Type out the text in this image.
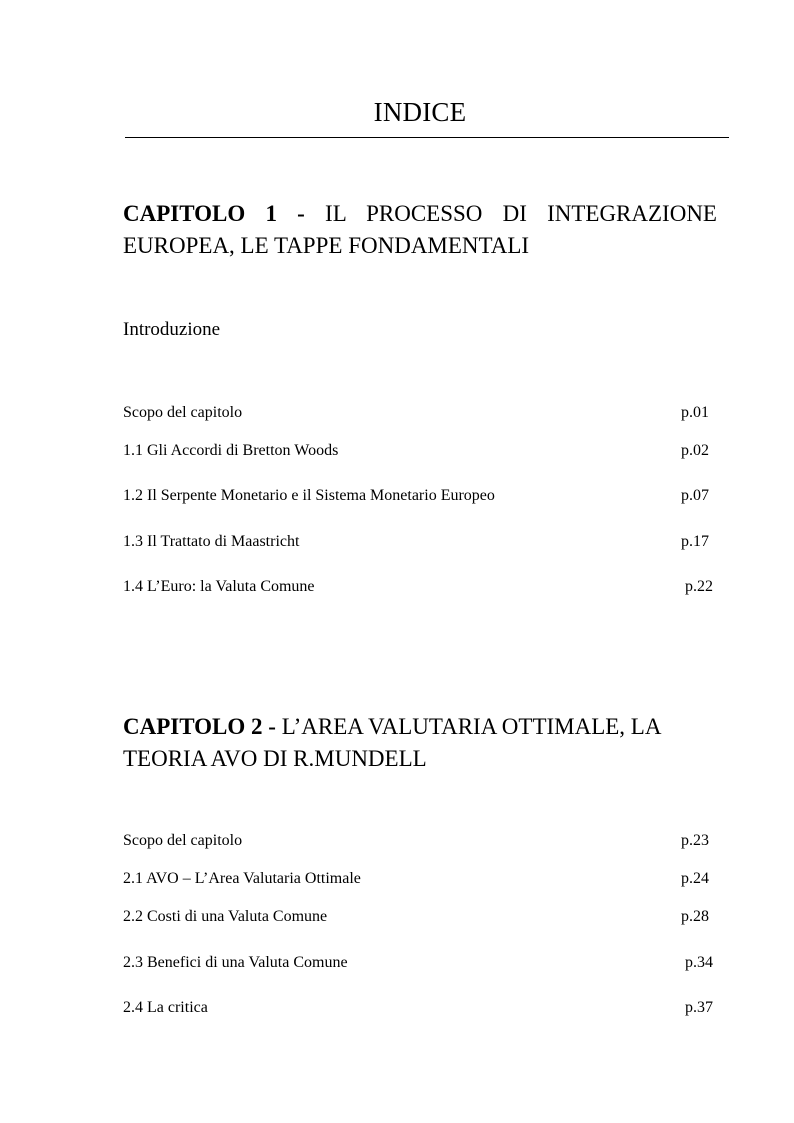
INDICE
CAPITOLO 1 - IL PROCESSO DI INTEGRAZIONE EUROPEA, LE TAPPE FONDAMENTALI
Introduzione
Scopo del capitolo	p.01
1.1 Gli Accordi di Bretton Woods	p.02
1.2 Il Serpente Monetario e il Sistema Monetario Europeo	p.07
1.3 Il Trattato di Maastricht	p.17
1.4 L’Euro: la Valuta Comune	p.22
CAPITOLO 2 - L’AREA VALUTARIA OTTIMALE, LA TEORIA AVO DI R.MUNDELL
Scopo del capitolo	p.23
2.1 AVO – L’Area Valutaria Ottimale	p.24
2.2 Costi di una Valuta Comune	p.28
2.3 Benefici di una Valuta Comune	p.34
2.4 La critica	p.37
